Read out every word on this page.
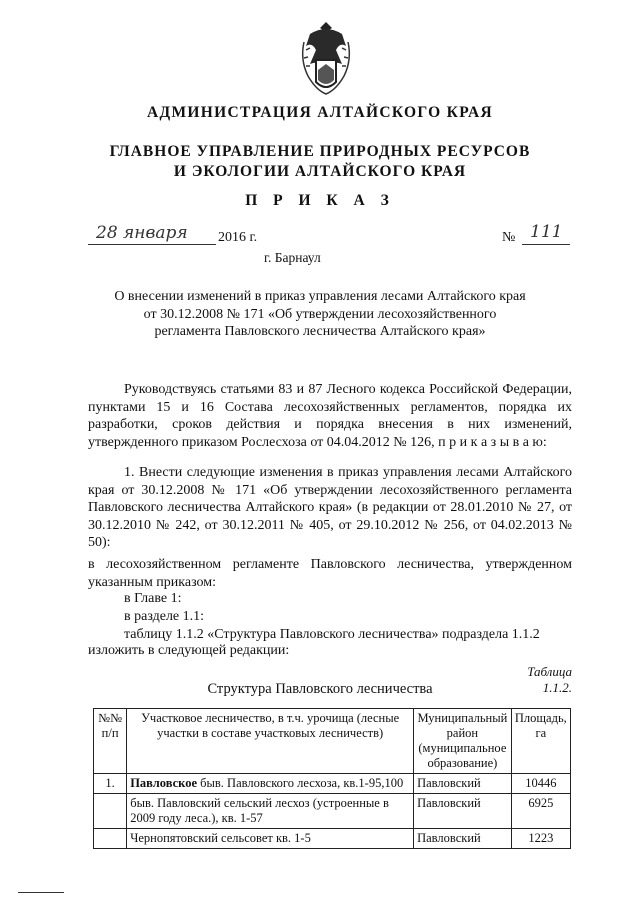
АДМИНИСТРАЦИЯ АЛТАЙСКОГО КРАЯ
ГЛАВНОЕ УПРАВЛЕНИЕ ПРИРОДНЫХ РЕСУРСОВ
И ЭКОЛОГИИ АЛТАЙСКОГО КРАЯ
П Р И К А З
28 января 2016 г.	№ 111
г. Барнаул
О внесении изменений в приказ управления лесами Алтайского края
от 30.12.2008 № 171 «Об утверждении лесохозяйственного
регламента Павловского лесничества Алтайского края»
Руководствуясь статьями 83 и 87 Лесного кодекса Российской Федерации, пунктами 15 и 16 Состава лесохозяйственных регламентов, порядка их разработки, сроков действия и порядка внесения в них изменений, утвержденного приказом Рослесхоза от 04.04.2012 № 126, п р и к а з ы в а ю:
1. Внести следующие изменения в приказ управления лесами Алтайского края от 30.12.2008 № 171 «Об утверждении лесохозяйственного регламента Павловского лесничества Алтайского края» (в редакции от 28.01.2010 № 27, от 30.12.2010 № 242, от 30.12.2011 № 405, от 29.10.2012 № 256, от 04.02.2013 № 50):
в лесохозяйственном регламенте Павловского лесничества, утвержденном указанным приказом:
в Главе 1:
в разделе 1.1:
таблицу 1.1.2 «Структура Павловского лесничества» подраздела 1.1.2
изложить в следующей редакции:
Таблица 1.1.2.
Структура Павловского лесничества
№№ п/п	Участковое лесничество, в т.ч. урочища (лесные участки в составе участковых лесничеств)	Муниципальный район (муниципальное образование)	Площадь, га
1.	Павловское быв. Павловского лесхоза, кв.1-95,100	Павловский	10446
	быв. Павловский сельский лесхоз (устроенные в 2009 году леса.), кв. 1-57	Павловский	6925
	Чернопятовский сельсовет кв. 1-5	Павловский	1223
